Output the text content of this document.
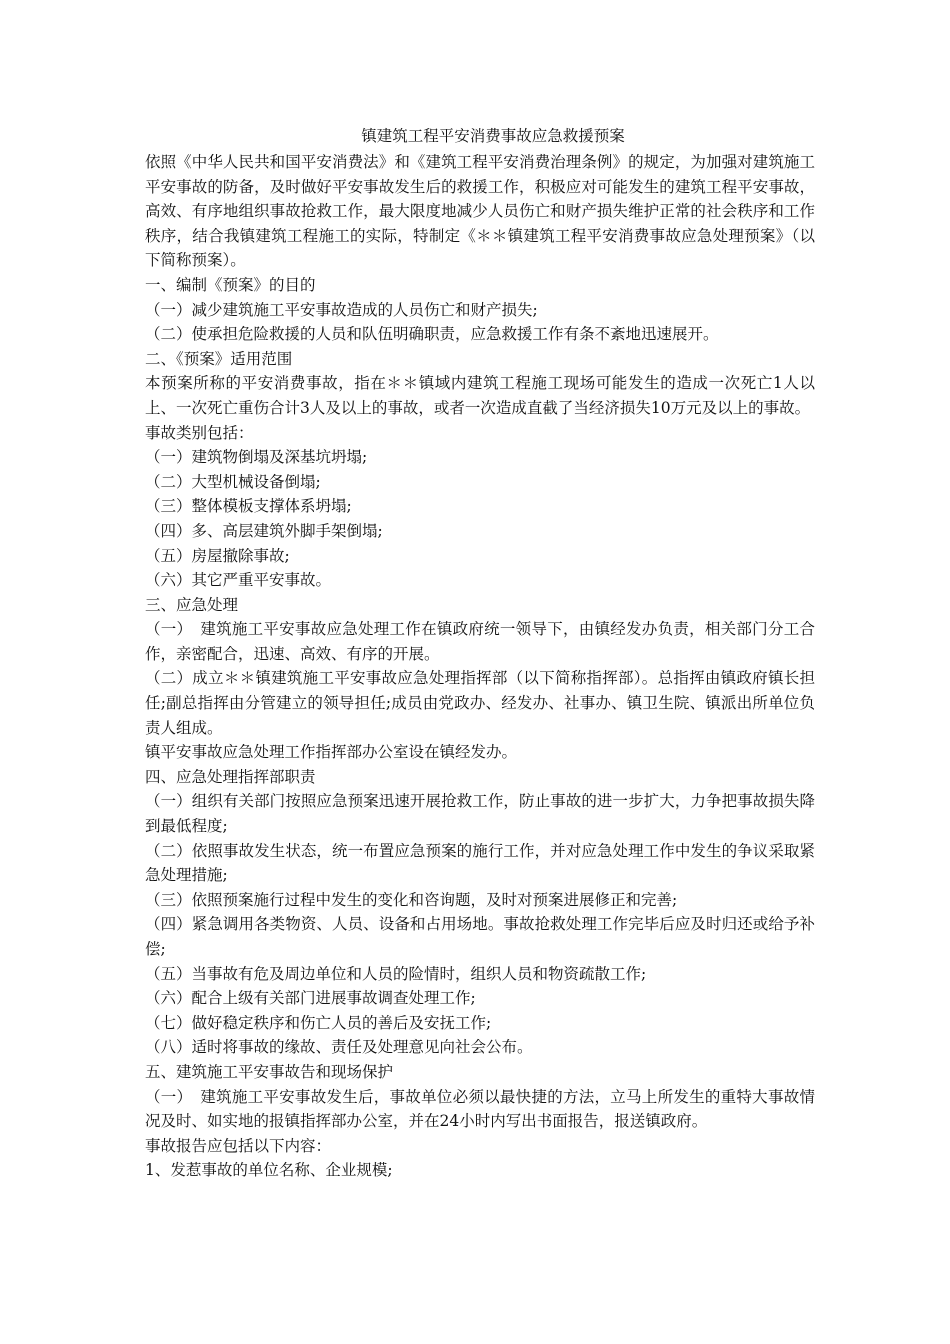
镇建筑工程平安消费事故应急救援预案

依照《中华人民共和国平安消费法》和《建筑工程平安消费治理条例》的规定，为加强对建筑施工平安事故的防备，及时做好平安事故发生后的救援工作，积极应对可能发生的建筑工程平安事故，高效、有序地组织事故抢救工作，最大限度地减少人员伤亡和财产损失维护正常的社会秩序和工作秩序，结合我镇建筑工程施工的实际，特制定《＊＊镇建筑工程平安消费事故应急处理预案》（以下简称预案）。

一、编制《预案》的目的

（一）减少建筑施工平安事故造成的人员伤亡和财产损失;

（二）使承担危险救援的人员和队伍明确职责，应急救援工作有条不紊地迅速展开。

二、《预案》适用范围

本预案所称的平安消费事故，指在＊＊镇域内建筑工程施工现场可能发生的造成一次死亡1人以上、一次死亡重伤合计3人及以上的事故，或者一次造成直截了当经济损失10万元及以上的事故。

事故类别包括：

（一）建筑物倒塌及深基坑坍塌;

（二）大型机械设备倒塌;

（三）整体模板支撑体系坍塌;

（四）多、高层建筑外脚手架倒塌;

（五）房屋撤除事故;

（六）其它严重平安事故。

三、应急处理

（一）　建筑施工平安事故应急处理工作在镇政府统一领导下，由镇经发办负责，相关部门分工合作，亲密配合，迅速、高效、有序的开展。

（二）成立＊＊镇建筑施工平安事故应急处理指挥部（以下简称指挥部）。总指挥由镇政府镇长担任;副总指挥由分管建立的领导担任;成员由党政办、经发办、社事办、镇卫生院、镇派出所单位负责人组成。

镇平安事故应急处理工作指挥部办公室设在镇经发办。

四、应急处理指挥部职责

（一）组织有关部门按照应急预案迅速开展抢救工作，防止事故的进一步扩大，力争把事故损失降到最低程度;

（二）依照事故发生状态，统一布置应急预案的施行工作，并对应急处理工作中发生的争议采取紧急处理措施;

（三）依照预案施行过程中发生的变化和咨询题，及时对预案进展修正和完善;

（四）紧急调用各类物资、人员、设备和占用场地。事故抢救处理工作完毕后应及时归还或给予补偿;

（五）当事故有危及周边单位和人员的险情时，组织人员和物资疏散工作;

（六）配合上级有关部门进展事故调查处理工作;

（七）做好稳定秩序和伤亡人员的善后及安抚工作;

（八）适时将事故的缘故、责任及处理意见向社会公布。

五、建筑施工平安事故告和现场保护

（一）　建筑施工平安事故发生后，事故单位必须以最快捷的方法，立马上所发生的重特大事故情况及时、如实地的报镇指挥部办公室，并在24小时内写出书面报告，报送镇政府。

事故报告应包括以下内容：

1、发惹事故的单位名称、企业规模;
